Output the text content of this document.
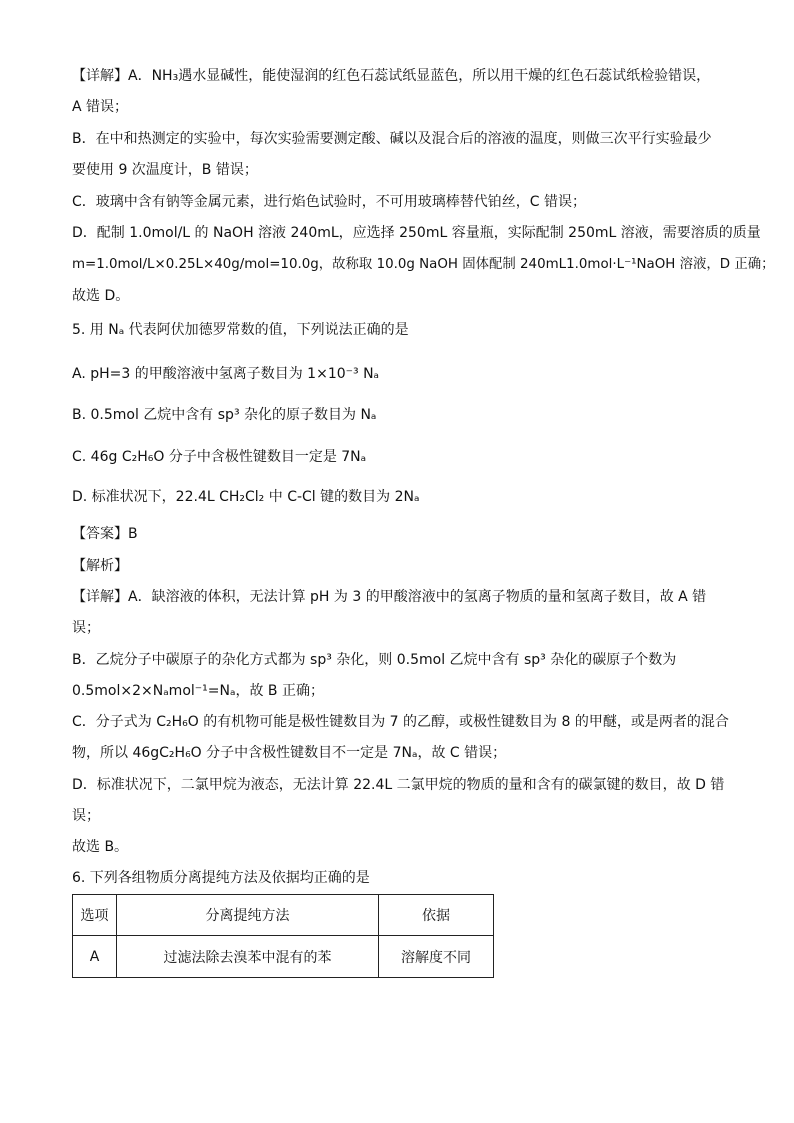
【详解】A．NH₃遇水显碱性，能使湿润的红色石蕊试纸显蓝色，所以用干燥的红色石蕊试纸检验错误，
A 错误；
B．在中和热测定的实验中，每次实验需要测定酸、碱以及混合后的溶液的温度，则做三次平行实验最少
要使用 9 次温度计，B 错误；
C．玻璃中含有钠等金属元素，进行焰色试验时，不可用玻璃棒替代铂丝，C 错误；
D．配制 1.0mol/L 的 NaOH 溶液 240mL，应选择 250mL 容量瓶，实际配制 250mL 溶液，需要溶质的质量
m=1.0mol/L×0.25L×40g/mol=10.0g，故称取 10.0g NaOH 固体配制 240mL1.0mol·L⁻¹NaOH 溶液，D 正确；
故选 D。
5. 用 Nₐ 代表阿伏加德罗常数的值，下列说法正确的是
A. pH=3 的甲酸溶液中氢离子数目为 1×10⁻³ Nₐ
B. 0.5mol 乙烷中含有 sp³ 杂化的原子数目为 Nₐ
C. 46g C₂H₆O 分子中含极性键数目一定是 7Nₐ
D. 标准状况下，22.4L CH₂Cl₂ 中 C-Cl 键的数目为 2Nₐ
【答案】B
【解析】
【详解】A．缺溶液的体积，无法计算 pH 为 3 的甲酸溶液中的氢离子物质的量和氢离子数目，故 A 错
误；
B．乙烷分子中碳原子的杂化方式都为 sp³ 杂化，则 0.5mol 乙烷中含有 sp³ 杂化的碳原子个数为
0.5mol×2×Nₐmol⁻¹=Nₐ，故 B 正确；
C．分子式为 C₂H₆O 的有机物可能是极性键数目为 7 的乙醇，或极性键数目为 8 的甲醚，或是两者的混合
物，所以 46gC₂H₆O 分子中含极性键数目不一定是 7Nₐ，故 C 错误；
D．标准状况下，二氯甲烷为液态，无法计算 22.4L 二氯甲烷的物质的量和含有的碳氯键的数目，故 D 错
误；
故选 B。
6. 下列各组物质分离提纯方法及依据均正确的是
选项	分离提纯方法	依据
A	过滤法除去溴苯中混有的苯	溶解度不同
